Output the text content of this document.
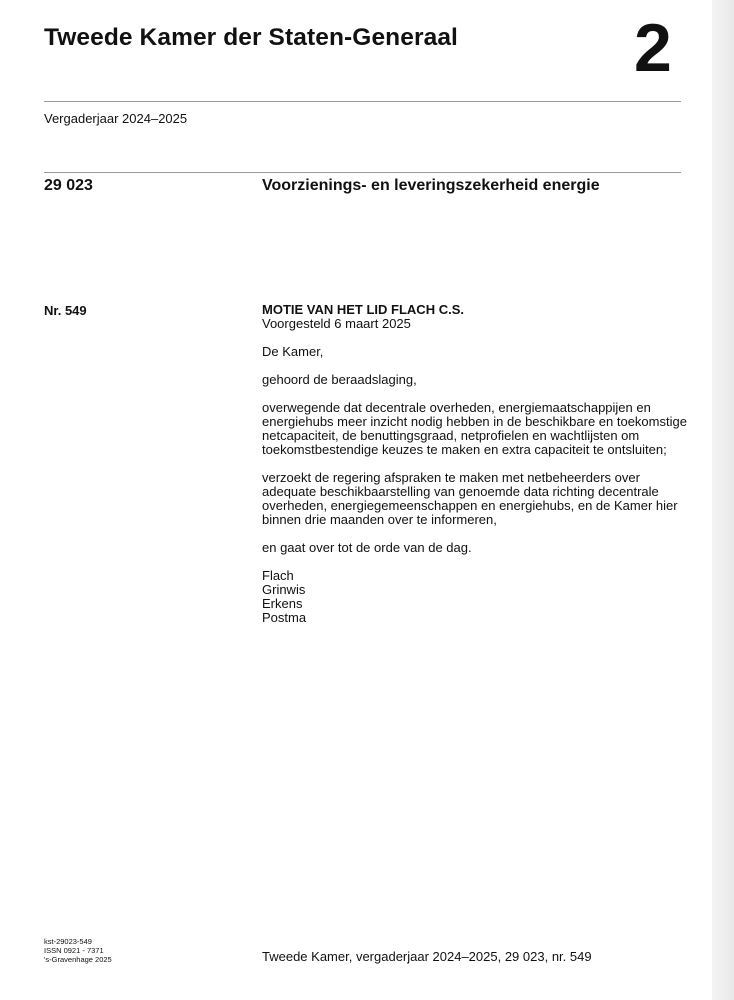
Tweede Kamer der Staten-Generaal	2
Vergaderjaar 2024–2025
29 023	Voorzienings- en leveringszekerheid energie
Nr. 549	MOTIE VAN HET LID FLACH C.S.

Voorgesteld 6 maart 2025

De Kamer,

gehoord de beraadslaging,

overwegende dat decentrale overheden, energiemaatschappijen en

energiehubs meer inzicht nodig hebben in de beschikbare en toekomstige

netcapaciteit, de benuttingsgraad, netprofielen en wachtlijsten om

toekomstbestendige keuzes te maken en extra capaciteit te ontsluiten;

verzoekt de regering afspraken te maken met netbeheerders over

adequate beschikbaarstelling van genoemde data richting decentrale

overheden, energiegemeenschappen en energiehubs, en de Kamer hier

binnen drie maanden over te informeren,

en gaat over tot de orde van de dag.

Flach
Grinwis
Erkens
Postma
kst-29023-549
ISSN 0921 - 7371
's-Gravenhage 2025	Tweede Kamer, vergaderjaar 2024–2025, 29 023, nr. 549
